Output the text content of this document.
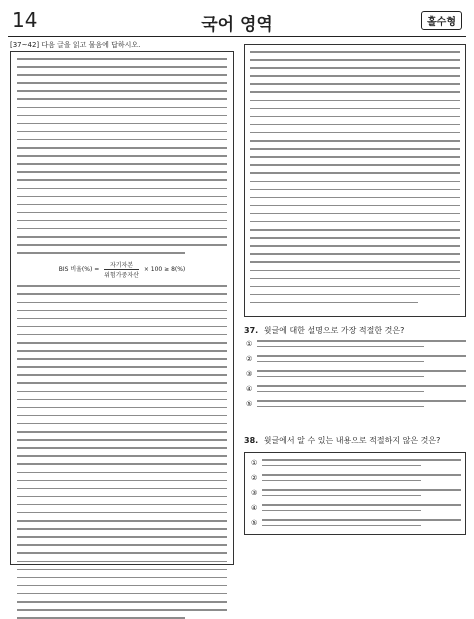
14	국어 영역	홀수형
[37~42] 다음 글을 읽고 물음에 답하시오.
BIS 비율(%) = $\frac{\text{자기자본}}{\text{위험가중자산}} \times 100 \ge 8(\%)$
37. 윗글에 대한 설명으로 가장 적절한 것은?
①
②
③
④
⑤
38. 윗글에서 알 수 있는 내용으로 적절하지 않은 것은?
①
②
③
④
⑤
